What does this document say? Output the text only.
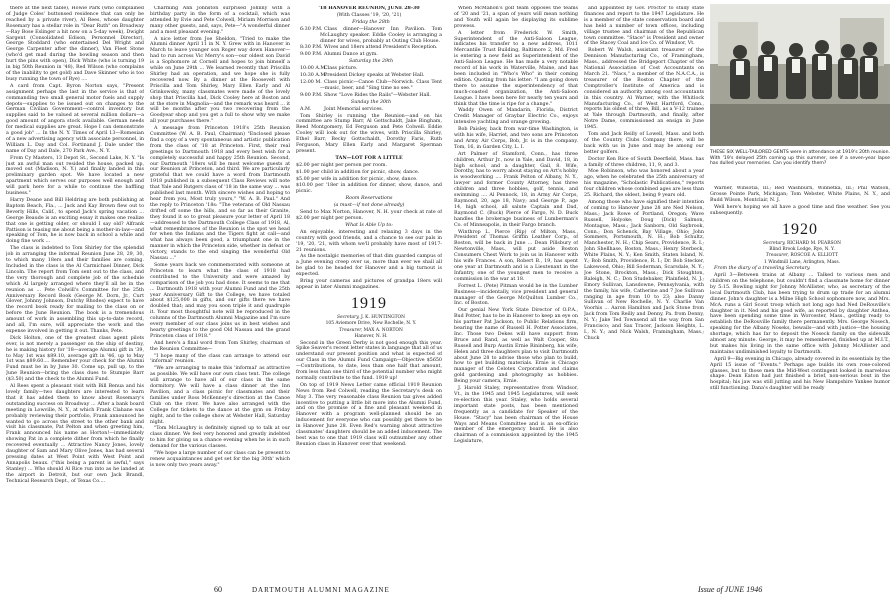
there at the next table), Howie Park (who complained of Judge Coles' buttonsed residence that can only be reached by a private river), Al Rees, whose daughter Rosemary has a stellar role in "Dear Ruth" on Broadway—Ray Bose Eslinger a hit now on a 5-day week), Dwight Sargent (Consolidated Edison, Personnel Director), George Stoddard (who entertained Del Wright and George Carpenter after the dinner), Van Fleet Stone (who'd get mad during the bowling season and then hurt the pins with open), Dick White (who is turning 19 in big 50th Reunion in '48), Red Wilson (who complains of the inability to get gold) and Dave Skinner who is too busy running the town of Rye) ....

A card from Capt. Byron Norton says, "Present assignment perhaps the last in the service is that of commanding two small general motor fuels and supply depots—supplies to be issued out on changes to the German Civilian Government—control inventory but supplies said to be valued at several million dollars—a good amount of angora stock available. German needs for medical supplies are great. Hope I can demonstrate a good job" ... In the N. Y. Times of April 13—Romesian of a new advertising agency with associate personnel, in William L. Day and Col. Fortinand J. Dale under the name of Day and Dale, 270 Park Ave., N. Y.

From Cy Masters, 13 Depot St., Second Lake, N. Y. "Is just an awful man out resided the house, packed up, moved out (Madison, N. Y.) and finally landed in this preliminary garden spot. We have located a new apartment which serves our purposes well enough and will park here for a while to continue the baffling business."

Harry Deane and Bill Heldring are both publishing at Baptom Beach, Fla., ... Jack and Kay Brown flew out to Beverly Hills, Calif., to spend Jack's spring vacation ... George Beaude is an exciting essay it makes one realize that one is getting older, or should I say old? Alfrank Pattison is teasing me about being a mother-in-law—and speaking of Tom, he is now back in school a while and doing fine work ...

The class is indebted to Tom Shirley for the splendid job in arranging the informal Reunion June 28, 29, 30, to which many 18ers and their families are coming. Included in the class is the Al Carmichael Dinner, Dick Lincoln. The report from Tom sent out to the class, and the very thorough and complete job of the schedule which Al largely arranged where they'll all be in the reunion as ... Pete Colwill's Committee for the 25th Anniversary Record Book (George M. Dorn, Jr., Curt Glover, Johnny Johnson, Dutchy Rhodes) expect to have the record book ready for mailing to the class on or before the June Reunion. The book is a tremendous amount of work in assembling this up-to-date record, and all, I'm sure, will appreciate the work and the expense involved in getting it out. Thanks, Pete.

Dick Holton, one of the greatest class agent pilots ever, is not merely a passenger on the ship of destiny, he is making history for '18—average Alumni gift in '39, to May 1st was $89.10, average gift in '46, up to May 1st was $89.60.... Remember your check for the Alumni Fund must be in by June 30. Come up, pull up, to the June Reunion—bring the class dues to Stumpie Barr ($3.50) and the check to the Alumni Fund.

Al Rees spent a pleasant visit with Bill Benua and his lovely family—two daughters are interested to learn that it has added them to know about Rosemary's outstanding success on Broadway ... After a bank board meeting in Lowville, N. Y., at which Frank Clahane was probably reviewing their portfolio, Frank announced he wanted to go across the street to the other bank and visit his classmate, Pat Pelton and when greeting him, Frank announced his name as Horton!—immediately showing Pat in a complete dither from which he finally recovered eventually ... Attractive Nancy Jones, lovely daughter of Sam and Mary Olive Jones, has had several pressing dates at West Point with West Point and Annapolis beaux. ("this being a parent is awful," says Stanley) ... Who should Al Rice run into as he landed at the airport in Detroit, but our own Jack Brandl, Technical Research Dept., of Texas Co....

Charming Ann Johnston surprised Johnny with a birthday party in the form of a cocktail, which was attended by Evie and Pete Colwell, Miriam Morrison and many other guests, and, says, Pete—"A wonderful dinner and a most pleasant evening."

A nice letter from Joe Sheldon, "Tried to make the Alumni dinner April 11 in N. Y. Grew with in Hanover in March to leave younger son Roger way down Hanover—had to run across Vic Merry's son—our oldest son David is a Sophomore at Cornell and hopes to join himself a while on June 29th ... We learned recently that Priscilla Shirley had an operation, and we hope she is fully recovered now. By a dinner at the Roosevelt with Priscilla and Tom Shirley, Mary Ellen Early and Al Grinkowsky, many classmates were made of the lovely shop that Priscilla had, Dick Cooley here at Boston and at the store in Magnolia—and the remark was heard ... it will be months after you two recovering from the Goodyear shop and you get a full to show why we make all your purchases there."

A message from Princeton 1918's 25th Reunion Committee (W. A. B. Paul, Chairman) "Enclosed please find a copy of a very spontaneous and artistic publication from the class of '18 at Princeton. First, their real greetings to Dartmouth 1918 and every best wish for a completely successful and happy 25th Reunion. Second, our Dartmouth '18ers will be most welcome guests at our Reunion at Princeton, and third. We are particularly grateful that we could have a word from Dartmouth 1918 published in a subsequent Class Reviews will note that Yale and Rutgers class of '18 in the same way ... was published last month. With sincere wishes and hoping to hear from you, Most truly yours," "W. A. B. Paul." And the reply to Princeton '18s: "The veterans of Old Nassau drifted off some the hills, and so far as their Granite, they found it so to great pleasure your letter of April 18—addressed to the Dartmouth College Class of 1918, Al, what remembrances of the Reunion is the spot we head for when the Indians and the Tigers fight at call—and what has always been good, a triumphant one in the manner in which the Princeton side, whether in defeat or victory, stands to the end singing the wonderful Old Nassau ..."

Some years back we commemorated with someone at Princeton to learn what the class of 1918 had contributed to the University and were amazed by comparison of the job you had done. It seems to me that ... Dartmouth 1918 with your Alumni Fund and the 25th year Anniversary Gift to the College, we have totaled about $125,000 in gifts, and our gifts there we have doubled that; and may you soon triple it and quadruple it. Your most thoughtful note will be reproduced in the columns of the Dartmouth Alumni Magazine and I'm sure every member of our class joins us in best wishes and hearty greetings to the good Old Nassau and the grand Princeton class of 1918."

And here's a final word from Tom Shirley, chairman of the Reunion Committee—

"I hope many of the class can arrange to attend our 'informal' reunion.

"We are arranging to make this 'informal' as attractive as possible. We will have our own class tent. The college will arrange to have all of our class in the same dormitory. We will have a class dinner at the Inn Pavilion, and a class picnic for classmates and their families under Ross McKenney's direction at the Canoe Club on the river. We have also arranged with the College for tickets to the dance at the gym on Friday night, and to the college show at Webster Hall, Saturday night.

"Tom McLaughry is definitely signed up to talk at our class dinner. We feel very honored and greatly indebted to him for giving us a chance evening when he is in such demand for the various classes.

"We hope a large number of our class can be present to renew acquaintances and get set for the big 30th' which is now only two years away."

'18 HANOVER REUNION, JUNE 28-30

(With Classes '19, '20, '21)

Friday the 28th

6:30 P.M. Class dinner—Hanover Inn Pavilion. Tom McLaughry speaker. Eddie Cooley is arranging a dinner for wives, probably at Outing Club House.

8:30 P.M. Wives and 18ers attend President's Reception.

9:00 P.M. Alumni Dance at gym.

Saturday the 29th

10:00 A.M.
Class picture.

10:30 A.M.
President Dickey speaks at Webster Hall.

12:00 M. Class picnic—Canoe Club—Norwich. Class Tent—music, beer, and "Sing time no see."

9:00 P.M. Show "Love Rides the Rails"—Webster Hall.

Sunday the 30th

A.M.	Joint Memorial services.

Tom Shirley is running the Reunion—and on his committee are Stump Barr, Al Gottschaldt, Jake Bingham, Reed Montgomery, Ed Ferguson and Pete Colwell. Eddie Cooley will look out for the wives, with Priscilla Shirley, Ethel Barr, Becky Gottschaldt, Dorothy Faris, Ruth Ferguson, Mary Ellen Early and Margaret Sperman present.

TAN—LOT FOR A LITTLE

$2.00 per night per person per room.

$1.00 per child in addition for picnic, show, dance.

$5.00 per wife in addition for picnic, show, dance.

$10.00 per '18er in addition for dinner, show, dance, and picnic.

Room Reservations

(a must—if not done already)

Send to Max Norton, Hanover, N. H. your check at rate of $2.00 per night per person.

What Is Able Up to:

An enjoyable, interesting and relaxing 3 days in the country with good friends, and a chance to see our pals in '19, '20, '21, with whom we'll probably have most of 1917-21 reunions.

As the nostalgic memories of that dim guarded campus of a June evening creep over us, more than ever we shall all be glad to be headed for Hanover and a big turnout is expected.

Bring your cameras and pictures of grandpa 18ers will appear in later Alumni magazines.

1919

Secretary, J. K. HUNTINGTON

105 Aviemore Drive, New Rochelle, N. Y.

Treasurer, MAX A. NORTON

Hanover, N. H.

Second in the Green Derby is not good enough this year. Spike Seaver's recent letter states in language that all of us understand our present position and what is expected of our Class in the Alumni Fund Campaign—Objective $5650—Contributions, to date, less than one half that amount, from less than one third of the potential number who might normally contribute to the fund. 1919 up!

On top of 1919 News Letter came official 1919 Reunion News from Red Colwell, reading the Secretary's desk on May 3. The very reasonable class Reunion tax gives added incentive to putting a little bit more into the Alumni Fund, and on the promise of a fine and pleasant weekend in Hanover with a program well-planned should be an inducement for everyone who can possibly get there to be in Hanover June 28. Even Red's warning about attractive classmates' daughters should be an added inducement. The best was to one that 1919 class will outnumber any other Reunion class in Hanover over that weekend.

60	DARTMOUTH ALUMNI MAGAZINE

When McMahon's golf team opposes the teams of '20 and '21, a span of years will mean nothing and Youth will again be displaying its sublime prowess.

A letter from Frederick W. Smith, Superintendent of the Anti-Saloon League, indicates his transfer to a new address, 1011 Mercantile Trust Building, Baltimore 2, Md. Fred is entering a new field as Superintendent of the Anti-Saloon League. He has made a very notable record of his work in Waterville, Maine, and has been included in "Who's Who" in their coming edition. Quoting from his letter: "I am going down there to assume the superintendency of that much-coasted organization, the Anti-Saloon League. I have been here for nearly ten years and think that the time is ripe for a change."

Waddy Owen of Mandarin, Florida, District Credit Manager of Graybar Electric Co., enjoys intensive yachting and orange growing.

Bob Paisley, back from war-time Washington, is with his wife, Harriet, and two sons are Princeton and Army Air Corps, Bob, Jr. is in the company. Tom, 16, in Garden City, L. I.

Art Palmer of Stamford, Conn., has three children, Arthur Jr., now in Yale, and David, 18, in high school, and a daughter, Gail, 8. Wife, Dorothy, has to worry about staying on Art's hobby is woodworking .... Frank Pelton of Albany, N. Y., lawyer and former County Attorney, has three children and three hobbies, golf, tennis, and swimming .... Al Pennock, 18, in Army Air Corps, Raymond, 20, age 18, Navy; and George P., age 14, high school, all salute Captain and Dad, Raymond C. (Buck) Pierce of Fargo, N. D. Buck handles the brokerage business of Lumberman's Co. of Minneapolis, in their Fargo branch.

Winthrop L. Pierce (Rip) of Milton, Mass., President of Thomas Griffin Leather Corp., of Boston, will be back in June ... Dean Pillsbury of Newtonville, Mass., will put aside Boston Consumers Chest Work to join us in Hanover with his wife Frances. A son, Robert B., 19, has spent one year at Dartmouth and is a Lieutenant in the Infantry, one of the youngest men to receive a commission in the war at 18.

Forrest L. (Pete) Pitman would be in the Lumber Business—incidentally, vice president and general manager of the George McQuilton Lumber Co., Inc. of Boston.

Our genial New York State Director of O.P.A., Bud Potter, has to be in Hanover to keep an eye on his partner Pat Jackson, to Public Relations firm, bearing the name of Russell H. Potter Associates, Inc. Those two Dekes will have support from Bruce and Rand, as well as Walt Cooper, Stu Russell and Burp Austin Ernie Rininberg, his wife, Helen and three daughters plan to visit Dartmouth about June 28 to advise those who plan to build, how to get building materials. Ernie is Chicago manager of the Celotex Corporation and claims gold gardening and photography as hobbies. Being your camera, Ernie.

J. Harold Staley, representative from Windsor, Vt., in the 1945 and 1945 Legislatures, will seek re-election this year. Staley, who holds several important state posts, has been mentioned frequently as a candidate for Speaker of the House. "Stacy" has been chairman of the House Ways and Means Committee and is an ex-officio member of the emergency board. He is also chairman of a commission appointed by the 1945 Legislature,

and appointed by Gov. Proctor to study state finances and report to the 1947 Legislature. He is a member of the state conservation board and has held a number of town offices, including village trustee and chairman of the Republican town committee. "Stace" is President and owner of the Stacey Coal and Ice Co. of Windsor, Vt.

Robert W. Walsh, assistant treasurer of the Dennison Manufacturing Co., of Framingham, Mass., addressed the Bridgeport Chapter of the National Association of Cost Accountants on March 21. "Nacs," a member of the N.A.C.A., is treasurer of the Boston Chapter of the Comptroller's Institute of America and is considered an authority among cost accountants in this country. Al Warner, with the Whitlock Manufacturing Co., of West Hartford, Conn., reports his oldest of three, Bill, as a V-12 trainee at Yale through Dartmouth, and finally, after Notre Dame, commissioned an ensign in June 1945.

Tom and Jack Reilly of Lowell, Mass. and both of the Country Clubs Company there, will be back with us in June and may be among our better golfers.

Doctor Ken Rice of South Deerfield, Mass. has a family of three children, 11, 9, and 3.

Moe Robinson, who was honored about a year ago, when he celebrated the 25th anniversary of his magazine, "Scholastic Publications," reports four children whose combined ages are less than 25. Richard, the oldest, being 9 years old.

Among those who have signified their intention of coming to Hanover June 28 are Ned Nelson, Mass.; Jack Rowe of Portland, Oregon; Wave Russell, Holyoke; Doug (Dick) Salmon, Montague, Mass.; Jack Sanborn, Old Saybrook, Conn.; Don Schenck, Bay Village, Ohio; John Sommers, Portsmouth, N. H.; Bob Schultz, Manchester, N. H.; Chip Sears, Providence, R. I.; John Shellhase, Boston, Mass.; Henry Sterbeck, White Plains, N. Y.; Ken Smith, Staten Island, N. Y.; Bob Smith, Providence, R. I.; Dr. Bob Stecker, Lakewood, Ohio; Bill Soderman, Scarsdale, N. Y.; Joe Stone, Brockton, Mass.; Dick Stoughton, Raleigh, N. C.; Don Studebaker, Plainfield, N. J.; Emory Sullivan, Lansdowne, Pennsylvania, with the family, his wife, Catherine and 7 Joe Sullivan ranging in age from 10 to 23; also Danny Sullivan of New Rochelle, N. Y. Charlie Van Voorhis ... Aaron Hamilton and Jack Stone from Jack from Tom Reilly and Denny, Pa. from Denny, N. Y.; Jake Ted Townsend all the way from San Francisco; and Sax Tracer, Jackson Heights, L. I., N. Y.; and Nick Walsh, Framingham, Mass.; Chuck

THESE SIX WELL-TAILORED GENTS were in attendance at 1919's 20th reunion. With '19's delayed 25th coming up this summer, see if a seven-year lapse has dulled your memories. Can you identify them?

Warner, Winsotia, Ill.; Red Washburn, Winnetka, Ill.; Phil Watson, Grosse Pointe Park, Michigan; Tom Webster, White Plains, N. Y., and Budd Wilson, Montclair, N. J.

Well here's hoping we all have a good time and fine weather. See you subsequently.

1920

Secretary, RICHARD M. PEARSON

Blind Brook Lodge, Rye, N. Y.

Treasurer, ROSCOE A. ELLIOTT

1 Windmill Lane, Arlington, Mass.

From the diary of a traveling Secretary.

April 3—Between trains at Albany ... Talked to various men and children on the telephone, but couldn't find a classmate home for dinner by 5:15. Bowling night for Johnny McAllister, who, as secretary of the local Dartmouth Club, has been trying to drum up trade for an alumni dinner. John's daughter is a Milne High School sophomore now, and Mrs. McA. runs a Girl Scout troop which not long ago had Ned DeRouville's daughter in it. Ned and his good wife, as reported by daughter Anthea, have been spending some time in Worcester, Mass., getting ready to establish the DeRouville family there permanently. Mrs. George Nosech, speaking for the Albany Noseks, bewails—and with justice—the housing shortage, which has far to deposit the Noseck family on the sidewalk almost any minute. George, it may be remembered, finished up at M.I.T., but makes his living in the same office with Johnny McAllister and maintains undiminished loyalty to Dartmouth.

April 9—Big evening in Chicago, already covered in its essentials by the April 15 issue of "Events." Perhaps age builds its own rose-colored glasses, but to those men the Mid-West contingent looked in marvelous shape. Dean Eaton had just finished a brief, non-serious bout in the hospital; his jaw was still jutting and his New Hampshire Yankee humor still functioning. Dana's daughter will be ready

Issue of JUNE 1946
